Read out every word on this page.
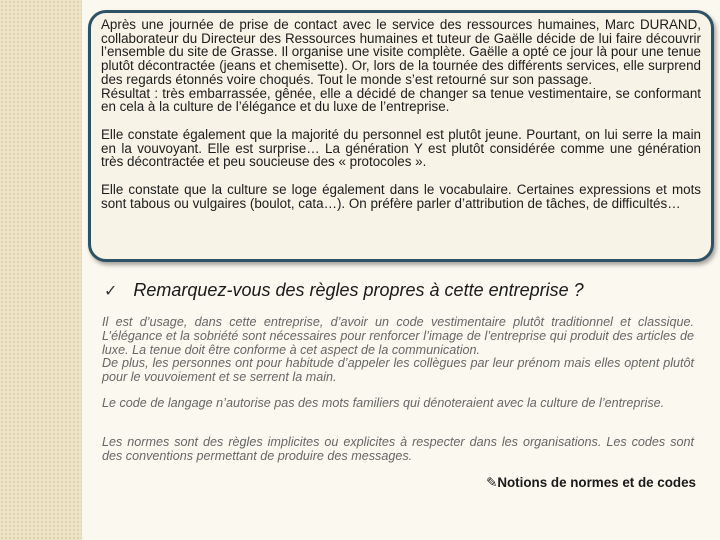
Après une journée de prise de contact avec le service des ressources humaines, Marc DURAND, collaborateur du Directeur des Ressources humaines et tuteur de Gaëlle décide de lui faire découvrir l’ensemble du site de Grasse. Il organise une visite complète. Gaëlle a opté ce jour là pour une tenue plutôt décontractée (jeans et chemisette). Or, lors de la tournée des différents services, elle surprend des regards étonnés voire choqués. Tout le monde s’est retourné sur son passage.

Résultat : très embarrassée, gênée, elle a décidé de changer sa tenue vestimentaire, se conformant en cela à la culture de l’élégance et du luxe de l’entreprise.

Elle constate également que la majorité du personnel est plutôt jeune. Pourtant, on lui serre la main en la vouvoyant. Elle est surprise… La génération Y est plutôt considérée comme une génération très décontractée et peu soucieuse des « protocoles ».

Elle constate que la culture se loge également dans le vocabulaire. Certaines expressions et mots sont tabous ou vulgaires (boulot, cata…). On préfère parler d’attribution de tâches, de difficultés…

✓ Remarquez-vous des règles propres à cette entreprise ?

Il est d’usage, dans cette entreprise, d’avoir un code vestimentaire plutôt traditionnel et classique. L’élégance et la sobriété sont nécessaires pour renforcer l’image de l’entreprise qui produit des articles de luxe. La tenue doit être conforme à cet aspect de la communication.

De plus, les personnes ont pour habitude d’appeler les collègues par leur prénom mais elles optent plutôt pour le vouvoiement et se serrent la main.

Le code de langage n’autorise pas des mots familiers qui dénoteraient avec la culture de l’entreprise.

Les normes sont des règles implicites ou explicites à respecter dans les organisations. Les codes sont des conventions permettant de produire des messages.

✎Notions de normes et de codes
